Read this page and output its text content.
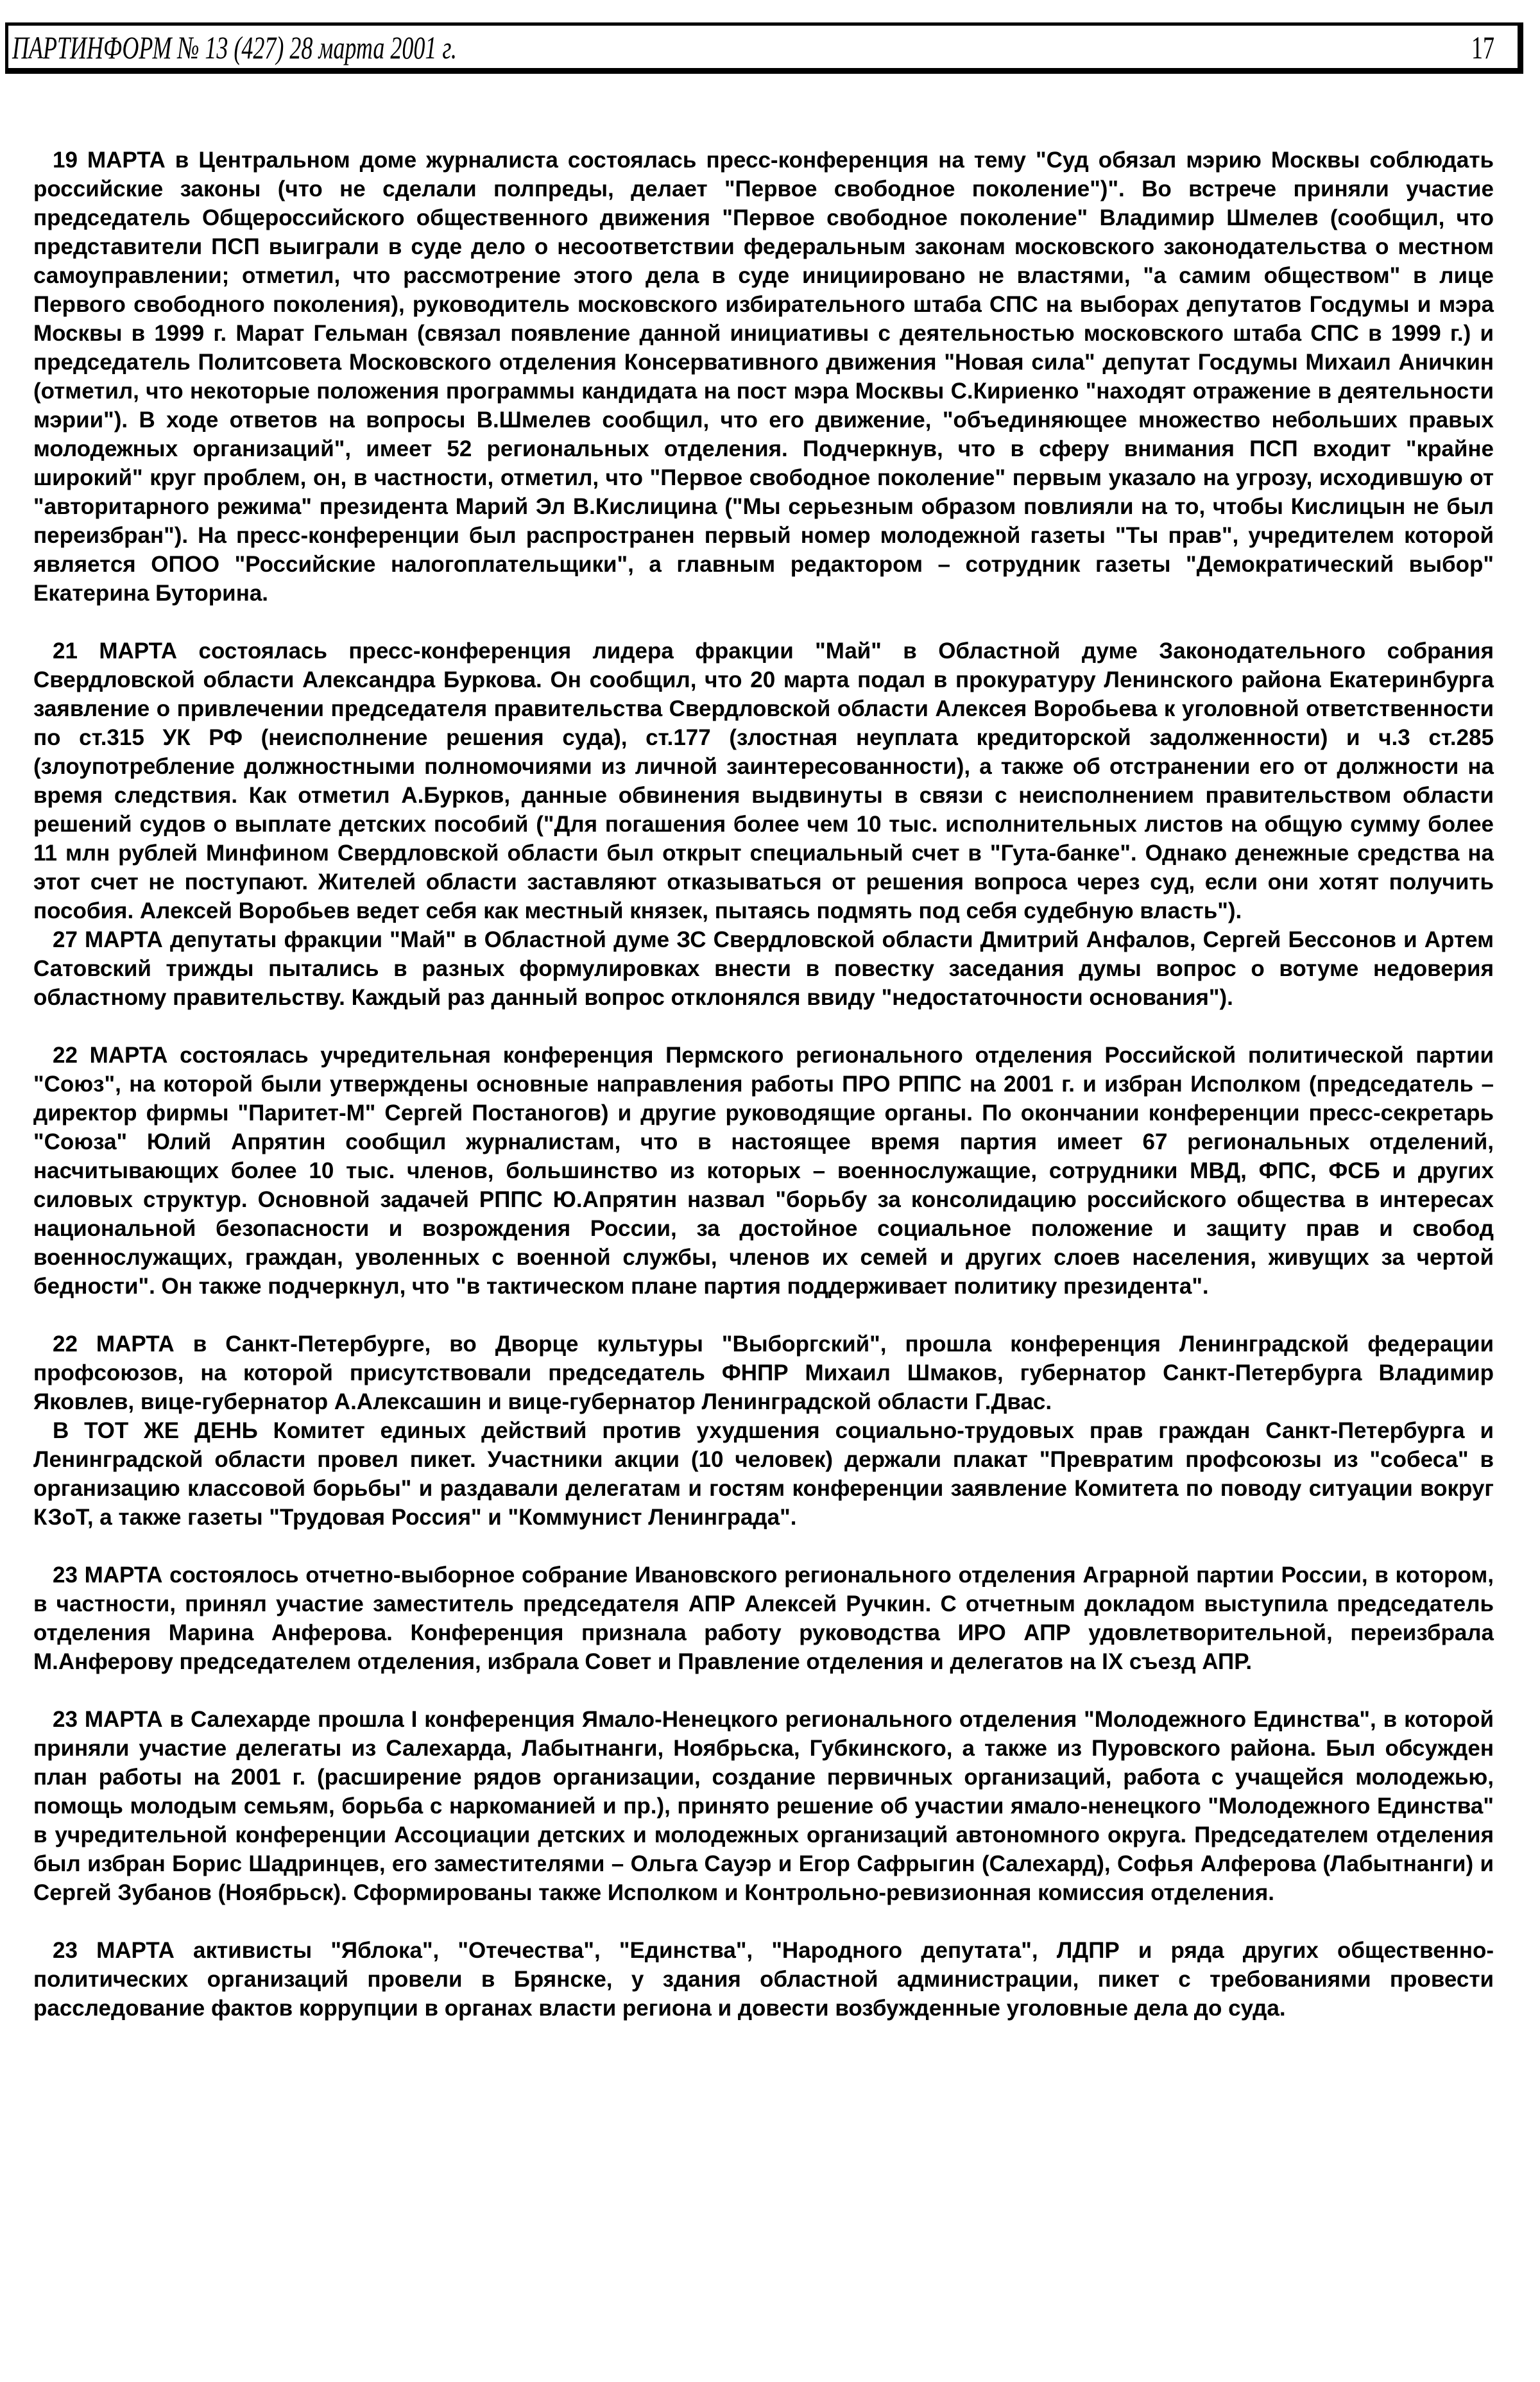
ПАРТИНФОРМ № 13 (427) 28 марта 2001 г.	17

19 МАРТА в Центральном доме журналиста состоялась пресс-конференция на тему "Суд обязал мэрию Москвы соблюдать российские законы (что не сделали полпреды, делает "Первое свободное поколение")". Во встрече приняли участие председатель Общероссийского общественного движения "Первое свободное поколение" Владимир Шмелев (сообщил, что представители ПСП выиграли в суде дело о несоответствии федеральным законам московского законодательства о местном самоуправлении; отметил, что рассмотрение этого дела в суде инициировано не властями, "а самим обществом" в лице Первого свободного поколения), руководитель московского избирательного штаба СПС на выборах депутатов Госдумы и мэра Москвы в 1999 г. Марат Гельман (связал появление данной инициативы с деятельностью московского штаба СПС в 1999 г.) и председатель Политсовета Московского отделения Консервативного движения "Новая сила" депутат Госдумы Михаил Аничкин (отметил, что некоторые положения программы кандидата на пост мэра Москвы С.Кириенко "находят отражение в деятельности мэрии"). В ходе ответов на вопросы В.Шмелев сообщил, что его движение, "объединяющее множество небольших правых молодежных организаций", имеет 52 региональных отделения. Подчеркнув, что в сферу внимания ПСП входит "крайне широкий" круг проблем, он, в частности, отметил, что "Первое свободное поколение" первым указало на угрозу, исходившую от "авторитарного режима" президента Марий Эл В.Кислицина ("Мы серьезным образом повлияли на то, чтобы Кислицын не был переизбран"). На пресс-конференции был распространен первый номер молодежной газеты "Ты прав", учредителем которой является ОПОО "Российские налогоплательщики", а главным редактором – сотрудник газеты "Демократический выбор" Екатерина Буторина.

21 МАРТА состоялась пресс-конференция лидера фракции "Май" в Областной думе Законодательного собрания Свердловской области Александра Буркова. Он сообщил, что 20 марта подал в прокуратуру Ленинского района Екатеринбурга заявление о привлечении председателя правительства Свердловской области Алексея Воробьева к уголовной ответственности по ст.315 УК РФ (неисполнение решения суда), ст.177 (злостная неуплата кредиторской задолженности) и ч.3 ст.285 (злоупотребление должностными полномочиями из личной заинтересованности), а также об отстранении его от должности на время следствия. Как отметил А.Бурков, данные обвинения выдвинуты в связи с неисполнением правительством области решений судов о выплате детских пособий ("Для погашения более чем 10 тыс. исполнительных листов на общую сумму более 11 млн рублей Минфином Свердловской области был открыт специальный счет в "Гута-банке". Однако денежные средства на этот счет не поступают. Жителей области заставляют отказываться от решения вопроса через суд, если они хотят получить пособия. Алексей Воробьев ведет себя как местный князек, пытаясь подмять под себя судебную власть").

27 МАРТА депутаты фракции "Май" в Областной думе ЗС Свердловской области Дмитрий Анфалов, Сергей Бессонов и Артем Сатовский трижды пытались в разных формулировках внести в повестку заседания думы вопрос о вотуме недоверия областному правительству. Каждый раз данный вопрос отклонялся ввиду "недостаточности основания").

22 МАРТА состоялась учредительная конференция Пермского регионального отделения Российской политической партии "Союз", на которой были утверждены основные направления работы ПРО РППС на 2001 г. и избран Исполком (председатель – директор фирмы "Паритет-М" Сергей Постаногов) и другие руководящие органы. По окончании конференции пресс-секретарь "Союза" Юлий Апрятин сообщил журналистам, что в настоящее время партия имеет 67 региональных отделений, насчитывающих более 10 тыс. членов, большинство из которых – военнослужащие, сотрудники МВД, ФПС, ФСБ и других силовых структур. Основной задачей РППС Ю.Апрятин назвал "борьбу за консолидацию российского общества в интересах национальной безопасности и возрождения России, за достойное социальное положение и защиту прав и свобод военнослужащих, граждан, уволенных с военной службы, членов их семей и других слоев населения, живущих за чертой бедности". Он также подчеркнул, что "в тактическом плане партия поддерживает политику президента".

22 МАРТА в Санкт-Петербурге, во Дворце культуры "Выборгский", прошла конференция Ленинградской федерации профсоюзов, на которой присутствовали председатель ФНПР Михаил Шмаков, губернатор Санкт-Петербурга Владимир Яковлев, вице-губернатор А.Алексашин и вице-губернатор Ленинградской области Г.Двас.

В ТОТ ЖЕ ДЕНЬ Комитет единых действий против ухудшения социально-трудовых прав граждан Санкт-Петербурга и Ленинградской области провел пикет. Участники акции (10 человек) держали плакат "Превратим профсоюзы из "собеса" в организацию классовой борьбы" и раздавали делегатам и гостям конференции заявление Комитета по поводу ситуации вокруг КЗоТ, а также газеты "Трудовая Россия" и "Коммунист Ленинграда".

23 МАРТА состоялось отчетно-выборное собрание Ивановского регионального отделения Аграрной партии России, в котором, в частности, принял участие заместитель председателя АПР Алексей Ручкин. С отчетным докладом выступила председатель отделения Марина Анферова. Конференция признала работу руководства ИРО АПР удовлетворительной, переизбрала М.Анферову председателем отделения, избрала Совет и Правление отделения и делегатов на IX съезд АПР.

23 МАРТА в Салехарде прошла I конференция Ямало-Ненецкого регионального отделения "Молодежного Единства", в которой приняли участие делегаты из Салехарда, Лабытнанги, Ноябрьска, Губкинского, а также из Пуровского района. Был обсужден план работы на 2001 г. (расширение рядов организации, создание первичных организаций, работа с учащейся молодежью, помощь молодым семьям, борьба с наркоманией и пр.), принято решение об участии ямало-ненецкого "Молодежного Единства" в учредительной конференции Ассоциации детских и молодежных организаций автономного округа. Председателем отделения был избран Борис Шадринцев, его заместителями – Ольга Сауэр и Егор Сафрыгин (Салехард), Софья Алферова (Лабытнанги) и Сергей Зубанов (Ноябрьск). Сформированы также Исполком и Контрольно-ревизионная комиссия отделения.

23 МАРТА активисты "Яблока", "Отечества", "Единства", "Народного депутата", ЛДПР и ряда других общественно-политических организаций провели в Брянске, у здания областной администрации, пикет с требованиями провести расследование фактов коррупции в органах власти региона и довести возбужденные уголовные дела до суда.
